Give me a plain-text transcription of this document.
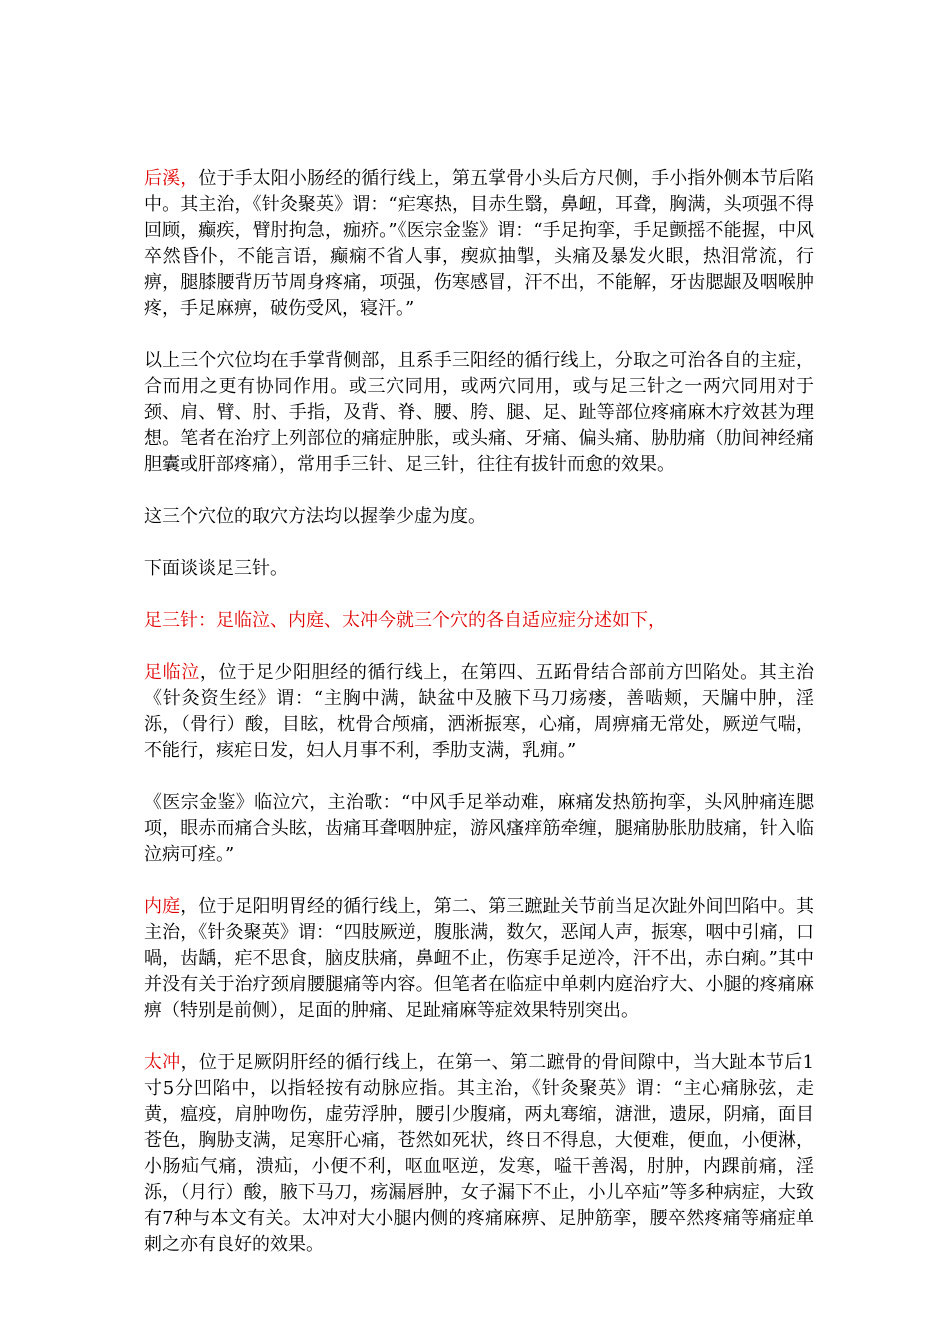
后溪，位于手太阳小肠经的循行线上，第五掌骨小头后方尺侧，手小指外侧本节后陷中。其主治，《针灸聚英》谓：“疟寒热，目赤生翳，鼻衄，耳聋，胸满，头项强不得回顾，癫疾，臂肘拘急，痂疥。”《医宗金鉴》谓：“手足拘挛，手足颤摇不能握，中风卒然昏仆，不能言语，癫痫不省人事，瘈疭抽掣，头痛及暴发火眼，热泪常流，行痹，腿膝腰背历节周身疼痛，项强，伤寒感冒，汗不出，不能解，牙齿腮龈及咽喉肿疼，手足麻痹，破伤受风，寝汗。”

以上三个穴位均在手掌背侧部，且系手三阳经的循行线上，分取之可治各自的主症，合而用之更有协同作用。或三穴同用，或两穴同用，或与足三针之一两穴同用对于颈、肩、臂、肘、手指，及背、脊、腰、胯、腿、足、趾等部位疼痛麻木疗效甚为理想。笔者在治疗上列部位的痛症肿胀，或头痛、牙痛、偏头痛、胁肋痛（肋间神经痛胆囊或肝部疼痛），常用手三针、足三针，往往有拔针而愈的效果。

这三个穴位的取穴方法均以握拳少虚为度。

下面谈谈足三针。

足三针：足临泣、内庭、太冲今就三个穴的各自适应症分述如下，

足临泣，位于足少阳胆经的循行线上，在第四、五跖骨结合部前方凹陷处。其主治《针灸资生经》谓：“主胸中满，缺盆中及腋下马刀疡瘘，善啮颊，天牖中肿，淫泺，（骨行）酸，目眩，枕骨合颅痛，洒淅振寒，心痛，周痹痛无常处，厥逆气喘，不能行，痎疟日发，妇人月事不利，季肋支满，乳痈。”

《医宗金鉴》临泣穴，主治歌：“中风手足举动难，麻痛发热筋拘挛，头风肿痛连腮项，眼赤而痛合头眩，齿痛耳聋咽肿症，游风瘙痒筋牵缠，腿痛胁胀肋肢痛，针入临泣病可痊。”

内庭，位于足阳明胃经的循行线上，第二、第三蹠趾关节前当足次趾外间凹陷中。其主治，《针灸聚英》谓：“四肢厥逆，腹胀满，数欠，恶闻人声，振寒，咽中引痛，口喎，齿龋，疟不思食，脑皮肤痛，鼻衄不止，伤寒手足逆冷，汗不出，赤白痢。”其中并没有关于治疗颈肩腰腿痛等内容。但笔者在临症中单刺内庭治疗大、小腿的疼痛麻痹（特别是前侧），足面的肿痛、足趾痛麻等症效果特别突出。

太冲，位于足厥阴肝经的循行线上，在第一、第二蹠骨的骨间隙中，当大趾本节后1寸5分凹陷中，以指轻按有动脉应指。其主治，《针灸聚英》谓：“主心痛脉弦，走黄，瘟疫，肩肿吻伤，虚劳浮肿，腰引少腹痛，两丸骞缩，溏泄，遗尿，阴痛，面目苍色，胸胁支满，足寒肝心痛，苍然如死状，终日不得息，大便难，便血，小便淋，小肠疝气痛，溃疝，小便不利，呕血呕逆，发寒，嗌干善渴，肘肿，内踝前痛，淫泺，（月行）酸，腋下马刀，疡漏唇肿，女子漏下不止，小儿卒疝”等多种病症，大致有7种与本文有关。太冲对大小腿内侧的疼痛麻痹、足肿筋挛，腰卒然疼痛等痛症单刺之亦有良好的效果。
